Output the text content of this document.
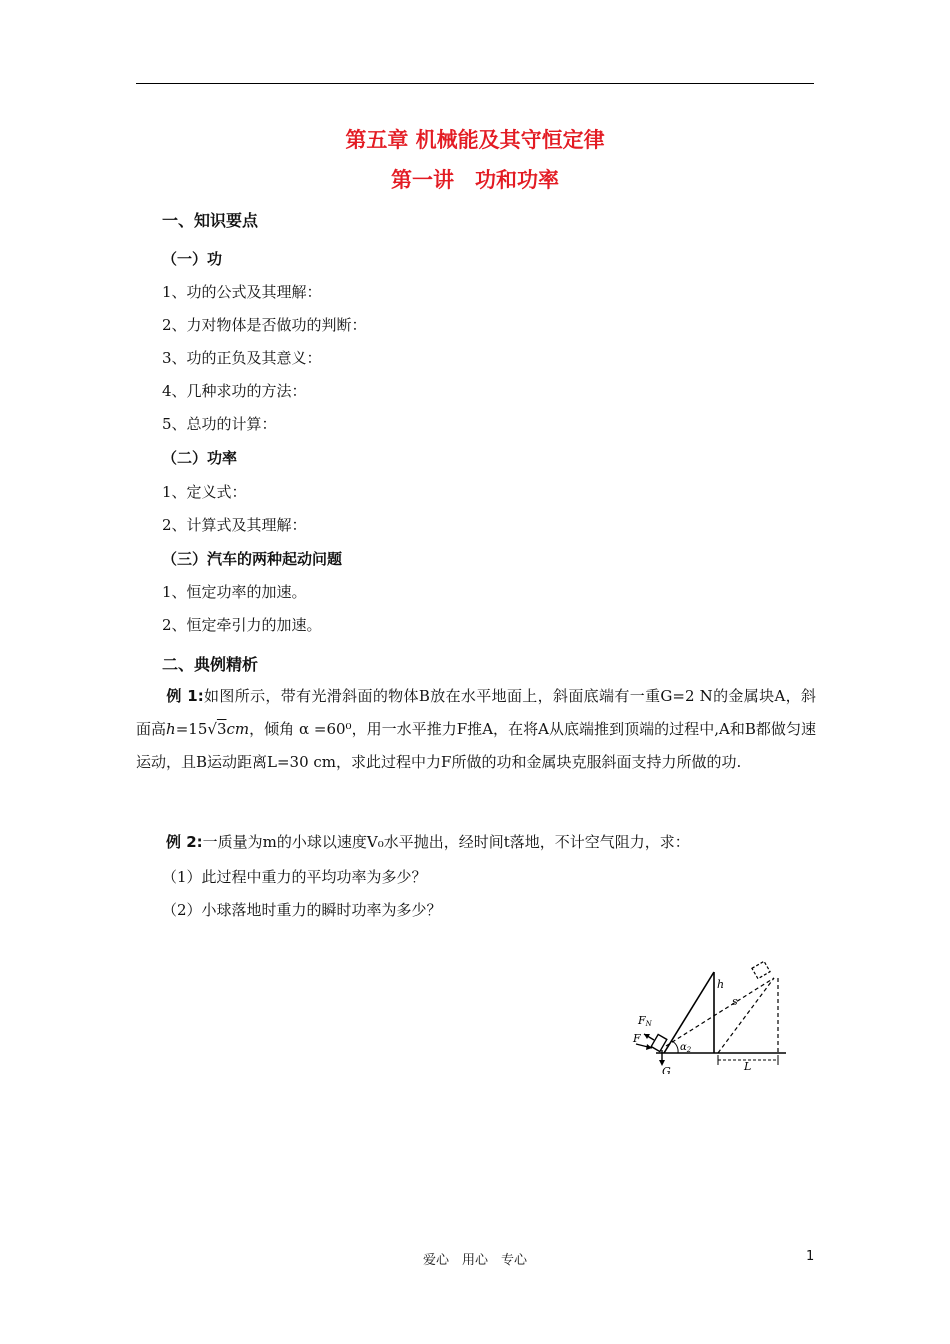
第五章 机械能及其守恒定律
第一讲　功和功率
一、知识要点
（一）功
1、功的公式及其理解：
2、力对物体是否做功的判断：
3、功的正负及其意义：
4、几种求功的方法：
5、总功的计算：
（二）功率
1、定义式：
2、计算式及其理解：
（三）汽车的两种起动问题
1、恒定功率的加速。
2、恒定牵引力的加速。
二、典例精析
例 1:如图所示，带有光滑斜面的物体B放在水平地面上，斜面底端有一重G=2 N的金属块A，斜面高h=15√3cm，倾角 α =60⁰，用一水平推力F推A，在将A从底端推到顶端的过程中,A和B都做匀速运动，且B运动距离L=30 cm，求此过程中力F所做的功和金属块克服斜面支持力所做的功.
例 2:一质量为m的小球以速度V₀水平抛出，经时间t落地，不计空气阻力，求：
（1）此过程中重力的平均功率为多少？
（2）小球落地时重力的瞬时功率为多少？
h
s
FN
F
G
$\alpha_2$
L
爱心　用心　专心	1
